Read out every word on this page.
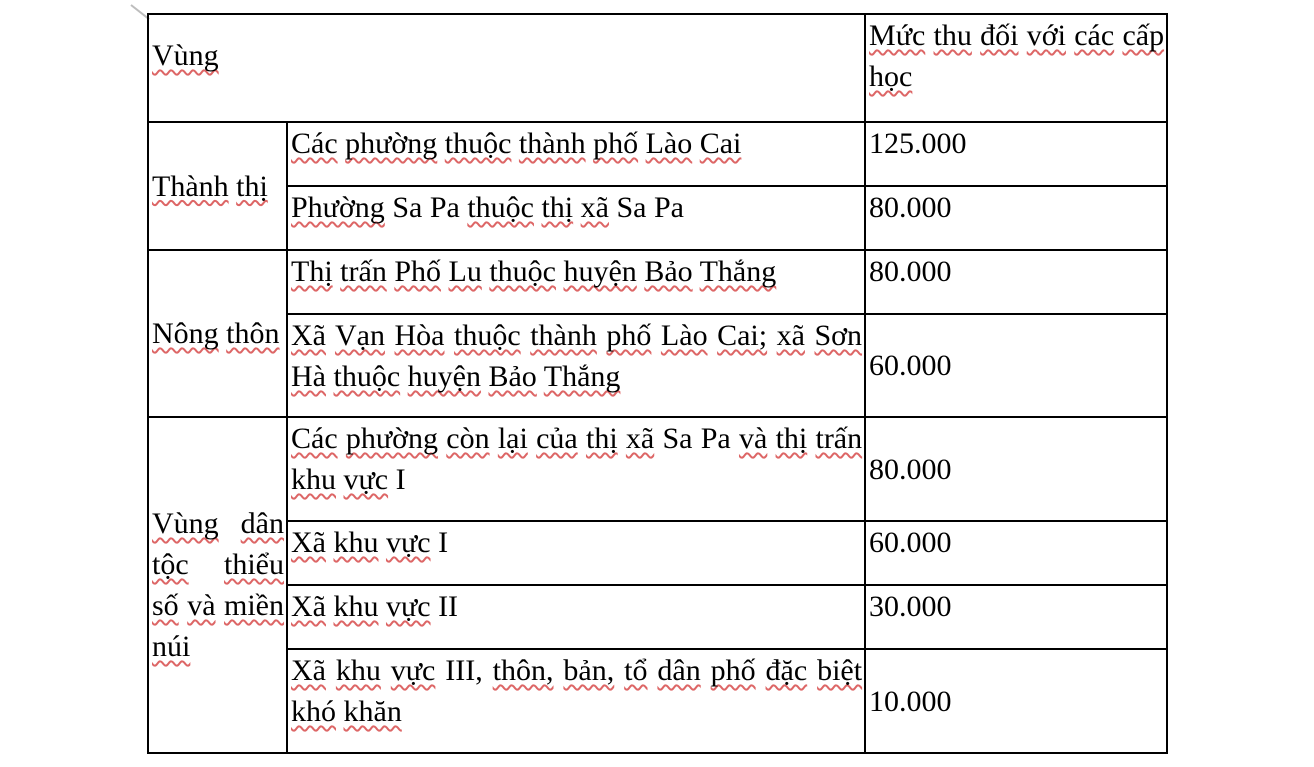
Vùng		Mức thu đối với các cấp học
Thành thị	Các phường thuộc thành phố Lào Cai	125.000
	Phường Sa Pa thuộc thị xã Sa Pa	80.000
Nông thôn	Thị trấn Phố Lu thuộc huyện Bảo Thắng	80.000
	Xã Vạn Hòa thuộc thành phố Lào Cai; xã Sơn Hà thuộc huyện Bảo Thắng	60.000
Vùng dân tộc thiểu số và miền núi	Các phường còn lại của thị xã Sa Pa và thị trấn khu vực I	80.000
	Xã khu vực I	60.000
	Xã khu vực II	30.000
	Xã khu vực III, thôn, bản, tổ dân phố đặc biệt khó khăn	10.000
